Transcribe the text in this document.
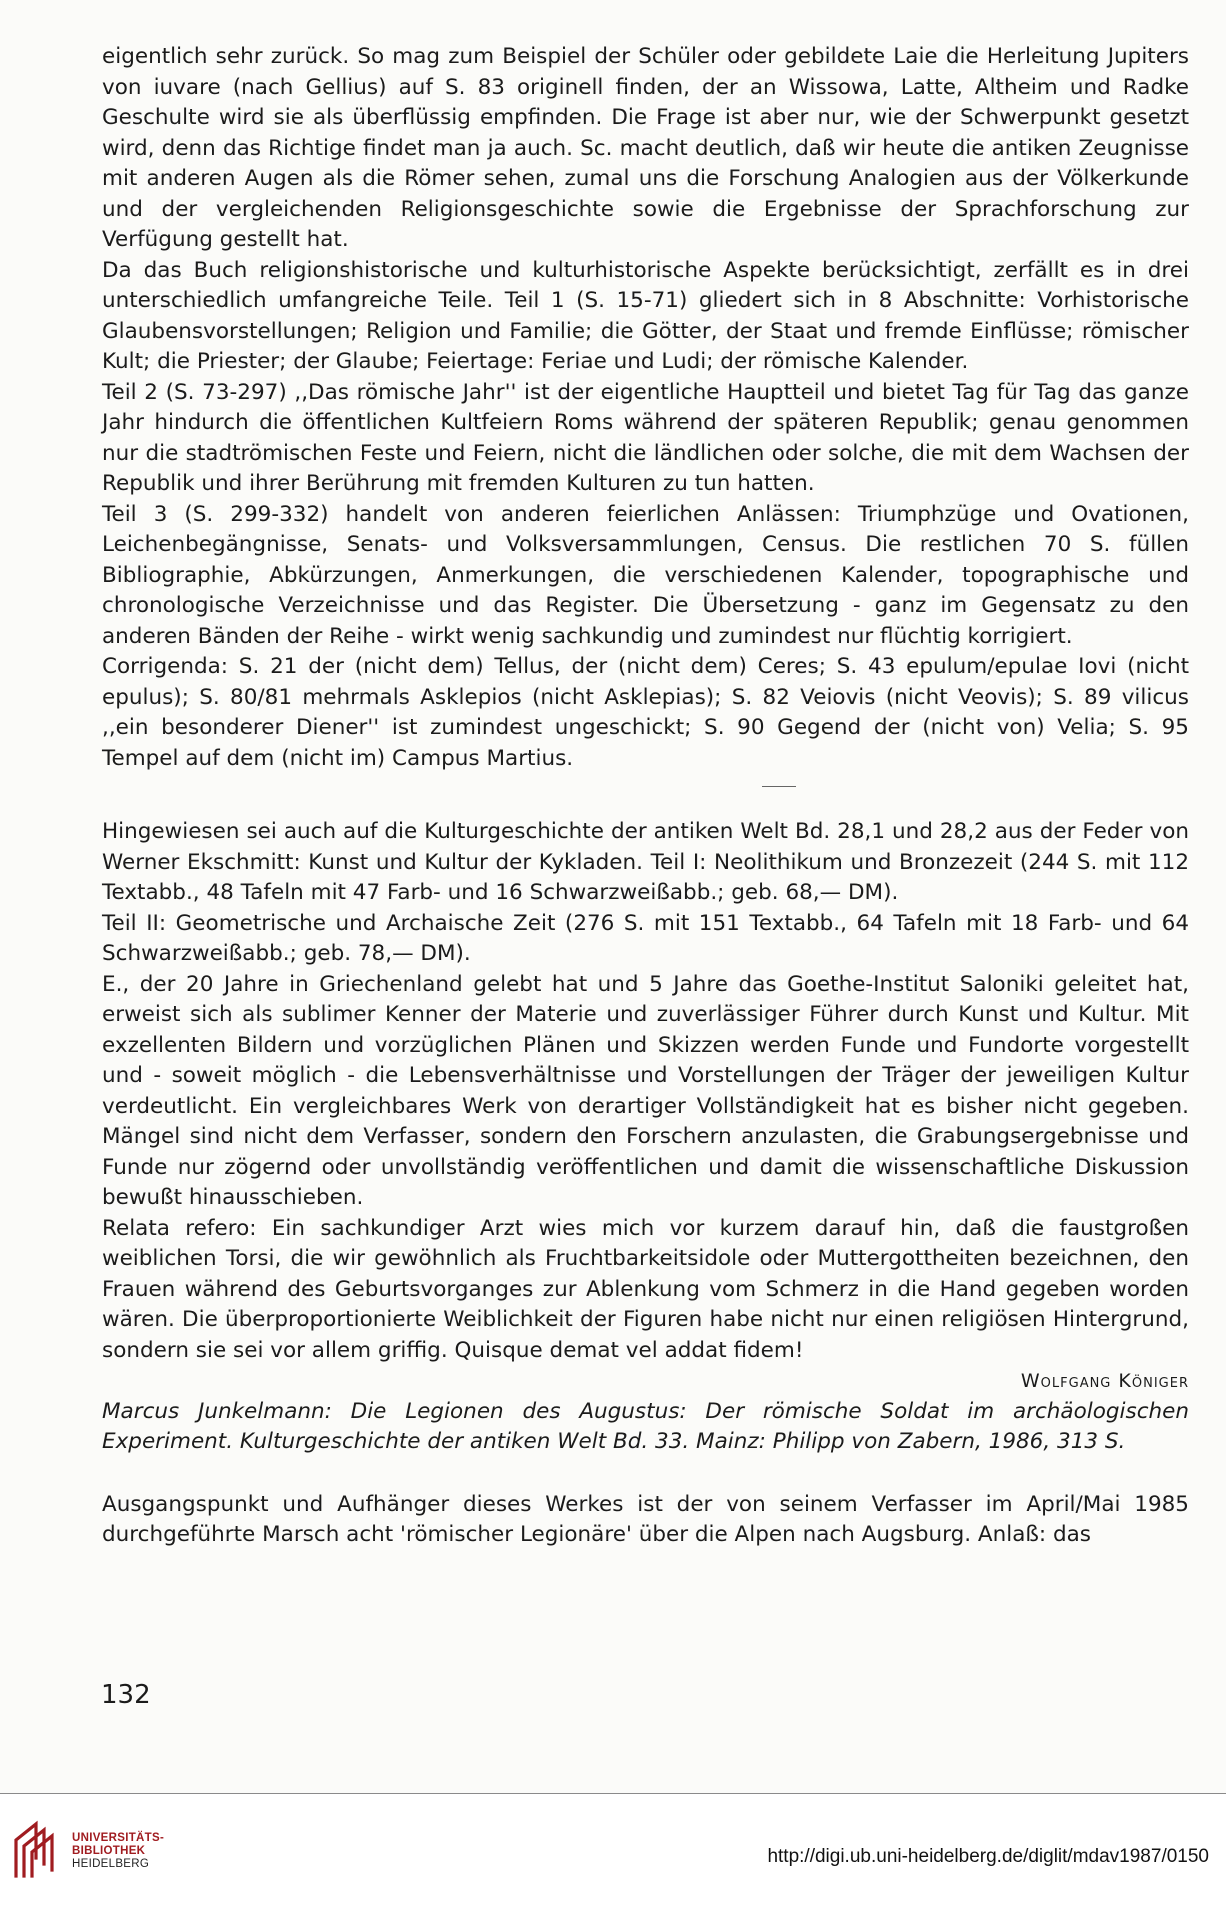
eigentlich sehr zurück. So mag zum Beispiel der Schüler oder gebildete Laie die Herleitung Jupiters von iuvare (nach Gellius) auf S. 83 originell finden, der an Wissowa, Latte, Altheim und Radke Geschulte wird sie als überflüssig empfinden. Die Frage ist aber nur, wie der Schwerpunkt gesetzt wird, denn das Richtige findet man ja auch. Sc. macht deutlich, daß wir heute die antiken Zeugnisse mit anderen Augen als die Römer sehen, zumal uns die Forschung Analogien aus der Völkerkunde und der vergleichenden Religionsgeschichte sowie die Ergebnisse der Sprachforschung zur Verfügung gestellt hat.

Da das Buch religionshistorische und kulturhistorische Aspekte berücksichtigt, zerfällt es in drei unterschiedlich umfangreiche Teile. Teil 1 (S. 15-71) gliedert sich in 8 Abschnitte: Vorhistorische Glaubensvorstellungen; Religion und Familie; die Götter, der Staat und fremde Einflüsse; römischer Kult; die Priester; der Glaube; Feiertage: Feriae und Ludi; der römische Kalender.

Teil 2 (S. 73-297) ,,Das römische Jahr'' ist der eigentliche Hauptteil und bietet Tag für Tag das ganze Jahr hindurch die öffentlichen Kultfeiern Roms während der späteren Republik; genau genommen nur die stadtrömischen Feste und Feiern, nicht die ländlichen oder solche, die mit dem Wachsen der Republik und ihrer Berührung mit fremden Kulturen zu tun hatten.

Teil 3 (S. 299-332) handelt von anderen feierlichen Anlässen: Triumphzüge und Ovationen, Leichenbegängnisse, Senats- und Volksversammlungen, Census. Die restlichen 70 S. füllen Bibliographie, Abkürzungen, Anmerkungen, die verschiedenen Kalender, topographische und chronologische Verzeichnisse und das Register. Die Übersetzung - ganz im Gegensatz zu den anderen Bänden der Reihe - wirkt wenig sachkundig und zumindest nur flüchtig korrigiert.

Corrigenda: S. 21 der (nicht dem) Tellus, der (nicht dem) Ceres; S. 43 epulum/epulae Iovi (nicht epulus); S. 80/81 mehrmals Asklepios (nicht Asklepias); S. 82 Veiovis (nicht Veovis); S. 89 vilicus ,,ein besonderer Diener'' ist zumindest ungeschickt; S. 90 Gegend der (nicht von) Velia; S. 95 Tempel auf dem (nicht im) Campus Martius.

Hingewiesen sei auch auf die Kulturgeschichte der antiken Welt Bd. 28,1 und 28,2 aus der Feder von Werner Ekschmitt: Kunst und Kultur der Kykladen. Teil I: Neolithikum und Bronzezeit (244 S. mit 112 Textabb., 48 Tafeln mit 47 Farb- und 16 Schwarzweißabb.; geb. 68,— DM).

Teil II: Geometrische und Archaische Zeit (276 S. mit 151 Textabb., 64 Tafeln mit 18 Farb- und 64 Schwarzweißabb.; geb. 78,— DM).

E., der 20 Jahre in Griechenland gelebt hat und 5 Jahre das Goethe-Institut Saloniki geleitet hat, erweist sich als sublimer Kenner der Materie und zuverlässiger Führer durch Kunst und Kultur. Mit exzellenten Bildern und vorzüglichen Plänen und Skizzen werden Funde und Fundorte vorgestellt und - soweit möglich - die Lebensverhältnisse und Vorstellungen der Träger der jeweiligen Kultur verdeutlicht. Ein vergleichbares Werk von derartiger Vollständigkeit hat es bisher nicht gegeben. Mängel sind nicht dem Verfasser, sondern den Forschern anzulasten, die Grabungsergebnisse und Funde nur zögernd oder unvollständig veröffentlichen und damit die wissenschaftliche Diskussion bewußt hinausschieben.

Relata refero: Ein sachkundiger Arzt wies mich vor kurzem darauf hin, daß die faustgroßen weiblichen Torsi, die wir gewöhnlich als Fruchtbarkeitsidole oder Muttergottheiten bezeichnen, den Frauen während des Geburtsvorganges zur Ablenkung vom Schmerz in die Hand gegeben worden wären. Die überproportionierte Weiblichkeit der Figuren habe nicht nur einen religiösen Hintergrund, sondern sie sei vor allem griffig. Quisque demat vel addat fidem!

Wolfgang Königer

Marcus Junkelmann: Die Legionen des Augustus: Der römische Soldat im archäologischen Experiment. Kulturgeschichte der antiken Welt Bd. 33. Mainz: Philipp von Zabern, 1986, 313 S.

Ausgangspunkt und Aufhänger dieses Werkes ist der von seinem Verfasser im April/Mai 1985 durchgeführte Marsch acht 'römischer Legionäre' über die Alpen nach Augsburg. Anlaß: das

132
UNIVERSITÄTS-
BIBLIOTHEK
HEIDELBERG	http://digi.ub.uni-heidelberg.de/diglit/mdav1987/0150
